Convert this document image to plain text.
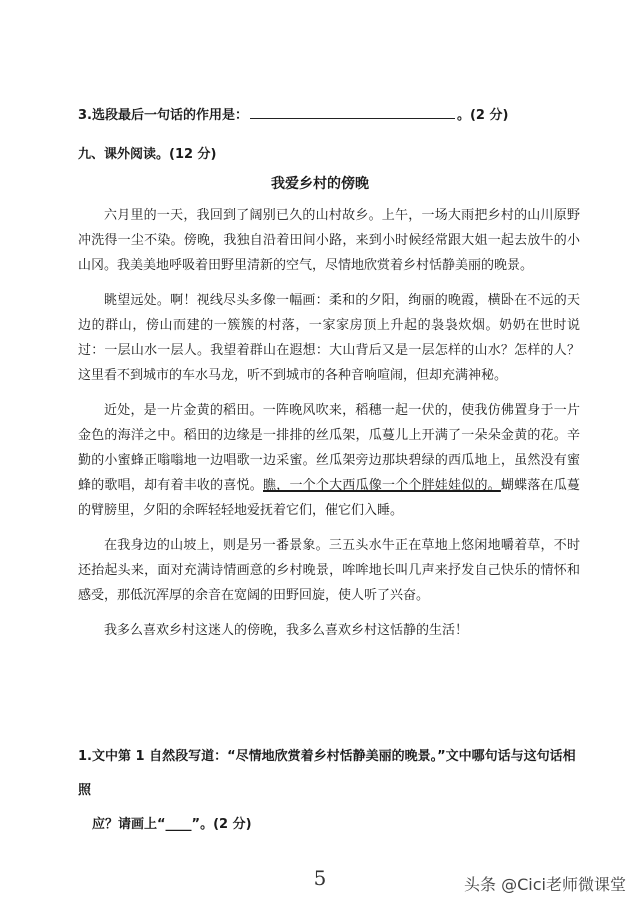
3.选段最后一句话的作用是：	。(2 分)
九、课外阅读。(12 分)
我爱乡村的傍晚

六月里的一天，我回到了阔别已久的山村故乡。上午，一场大雨把乡村的山川原野冲洗得一尘不染。傍晚，我独自沿着田间小路，来到小时候经常跟大姐一起去放牛的小山冈。我美美地呼吸着田野里清新的空气，尽情地欣赏着乡村恬静美丽的晚景。

眺望远处。啊！视线尽头多像一幅画：柔和的夕阳，绚丽的晚霞，横卧在不远的天边的群山，傍山而建的一簇簇的村落，一家家房顶上升起的袅袅炊烟。奶奶在世时说过：一层山水一层人。我望着群山在遐想：大山背后又是一层怎样的山水？怎样的人？这里看不到城市的车水马龙，听不到城市的各种音响喧闹，但却充满神秘。

近处，是一片金黄的稻田。一阵晚风吹来，稻穗一起一伏的，使我仿佛置身于一片金色的海洋之中。稻田的边缘是一排排的丝瓜架，瓜蔓儿上开满了一朵朵金黄的花。辛勤的小蜜蜂正嗡嗡地一边唱歌一边采蜜。丝瓜架旁边那块碧绿的西瓜地上，虽然没有蜜蜂的歌唱，却有着丰收的喜悦。瞧，一个个大西瓜像一个个胖娃娃似的。蝴蝶落在瓜蔓的臂膀里，夕阳的余晖轻轻地爱抚着它们，催它们入睡。

在我身边的山坡上，则是另一番景象。三五头水牛正在草地上悠闲地嚼着草，不时还抬起头来，面对充满诗情画意的乡村晚景，哞哞地长叫几声来抒发自己快乐的情怀和感受，那低沉浑厚的余音在宽阔的田野回旋，使人听了兴奋。

我多么喜欢乡村这迷人的傍晚，我多么喜欢乡村这恬静的生活！

1.文中第 1 自然段写道：“尽情地欣赏着乡村恬静美丽的晚景。”文中哪句话与这句话相照
应？请画上“____”。(2 分)
5	头条 @Cici老师微课堂
